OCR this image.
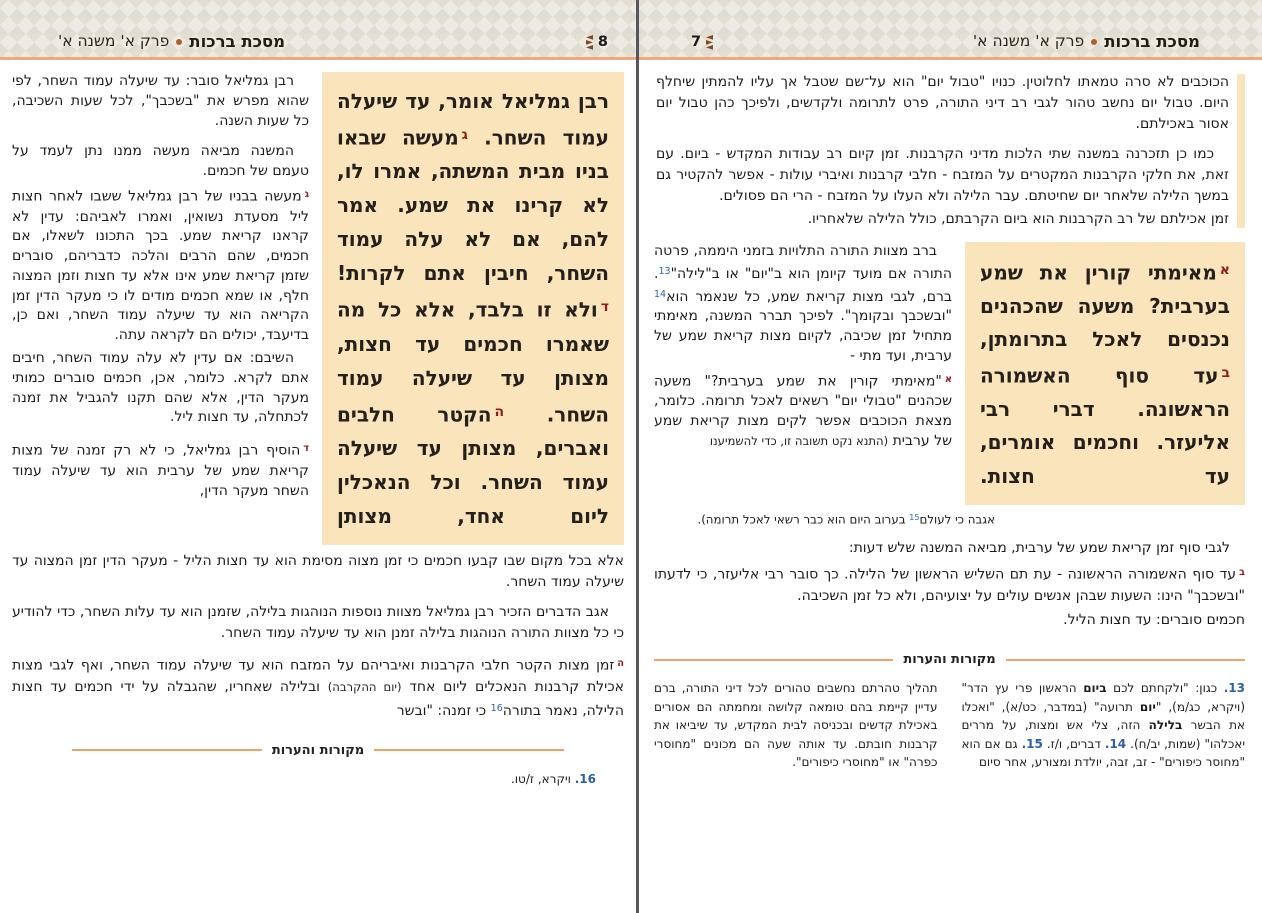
8
מסכת ברכות
פרק א' משנה א'
רבן גמליאל אומר, עד שיעלה עמוד השחר. $^ג$מעשה שבאו בניו מבית המשתה, אמרו לו, לא קרינו את שמע. אמר להם, אם לא עלה עמוד השחר, חיבין אתם לקרות! $^ד$ולא זו בלבד, אלא כל מה שאמרו חכמים עד חצות, מצותן עד שיעלה עמוד השחר. $^ה$הקטר חלבים ואברים, מצותן עד שיעלה עמוד השחר. וכל הנאכלין ליום אחד, מצותן

רבן גמליאל סובר: עד שיעלה עמוד השחר, לפי שהוא מפרש את "בשכבך", לכל שעות השכיבה, כל שעות השנה.

המשנה מביאה מעשה ממנו נתן לעמד על טעמם של חכמים.

$^ג$מעשה בבניו של רבן גמליאל ששבו לאחר חצות ליל מסעדת נשואין, ואמרו לאביהם: עדין לא קראנו קריאת שמע. בכך התכונו לשאלו, אם חכמים, שהם הרבים והלכה כדבריהם, סוברים שזמן קריאת שמע אינו אלא עד חצות וזמן המצוה חלף, או שמא חכמים מודים לו כי מעקר הדין זמן הקריאה הוא עד שיעלה עמוד השחר, ואם כן, בדיעבד, יכולים הם לקראה עתה.

השיבם: אם עדין לא עלה עמוד השחר, חיבים אתם לקרא. כלומר, אכן, חכמים סוברים כמותי מעקר הדין, אלא שהם תקנו להגביל את זמנה לכתחלה, עד חצות ליל.

$^ד$הוסיף רבן גמליאל, כי לא רק זמנה של מצות קריאת שמע של ערבית הוא עד שיעלה עמוד השחר מעקר הדין,

אלא בכל מקום שבו קבעו חכמים כי זמן מצוה מסימת הוא עד חצות הליל - מעקר הדין זמן המצוה עד שיעלה עמוד השחר.

אגב הדברים הזכיר רבן גמליאל מצוות נוספות הנוהגות בלילה, שזמנן הוא עד עלות השחר, כדי להודיע כי כל מצוות התורה הנוהגות בלילה זמנן הוא עד שיעלה עמוד השחר.

$^ה$זמן מצות הקטר חלבי הקרבנות ואיבריהם על המזבח הוא עד שיעלה עמוד השחר, ואף לגבי מצות אכילת קרבנות הנאכלים ליום אחד (יום ההקרבה) ובלילה שאחריו, שהגבלה על ידי חכמים עד חצות הלילה, נאמר בתורה$^{16}$ כי זמנה: "ובשר

מקורות והערות

16. ויקרא, ז/טו.

מסכת ברכות
פרק א' משנה א'
7

הכוכבים לא סרה טמאתו לחלוטין. כנויו "טבול יום" הוא על־שם שטבל אך עליו להמתין שיחלף היום. טבול יום נחשב טהור לגבי רב דיני התורה, פרט לתרומה ולקדשים, ולפיכך כהן טבול יום אסור באכילתם.

כמו כן תזכרנה במשנה שתי הלכות מדיני הקרבנות. זמן קיום רב עבודות המקדש - ביום. עם זאת, את חלקי הקרבנות המקטרים על המזבח - חלבי קרבנות ואיברי עולות - אפשר להקטיר גם במשך הלילה שלאחר יום שחיטתם. עבר הלילה ולא העלו על המזבח - הרי הם פסולים.

זמן אכילתם של רב הקרבנות הוא ביום הקרבתם, כולל הלילה שלאחריו.

$^א$מאימתי קורין את שמע בערבית? משעה שהכהנים נכנסים לאכל בתרומתן, $^ב$עד סוף האשמורה הראשונה. דברי רבי אליעזר. וחכמים אומרים, עד חצות.

ברב מצוות התורה התלויות בזמני היממה, פרטה התורה אם מועד קיומן הוא ב"יום" או ב"לילה"$^{13}$. ברם, לגבי מצות קריאת שמע, כל שנאמר הוא$^{14}$ "ובשכבך ובקומך". לפיכך תברר המשנה, מאימתי מתחיל זמן שכיבה, לקיום מצות קריאת שמע של ערבית, ועד מתי -

$^א$"מאימתי קורין את שמע בערבית?" משעה שכהנים "טבולי יום" רשאים לאכל תרומה. כלומר, מצאת הכוכבים אפשר לקים מצות קריאת שמע של ערבית (התנא נקט תשובה זו, כדי להשמיענו

אגבה כי לעולם$^{15}$ בערוב היום הוא כבר רשאי לאכל תרומה).

לגבי סוף זמן קריאת שמע של ערבית, מביאה המשנה שלש דעות:

$^ב$עד סוף האשמורה הראשונה - עת תם השליש הראשון של הלילה. כך סובר רבי אליעזר, כי לדעתו "ובשכבך" הינו: השעות שבהן אנשים עולים על יצועיהם, ולא כל זמן השכיבה.

חכמים סוברים: עד חצות הליל.

מקורות והערות
13. כגון: "ולקחתם לכם ביום הראשון פרי עץ הדר" (ויקרא, כג/מ), "יום תרועה" (במדבר, כט/א), "ואכלו את הבשר בלילה הזה, צלי אש ומצות, על מררים יאכלהו" (שמות, יב/ח). 14. דברים, ו/ז. 15. גם אם הוא "מחוסר כיפורים" - זב, זבה, יולדת ומצורע, אחר סיום
תהליך טהרתם נחשבים טהורים לכל דיני התורה, ברם עדיין קיימת בהם טומאה קלושה ומחמתה הם אסורים באכילת קדשים ובכניסה לבית המקדש, עד שיביאו את קרבנות חובתם. עד אותה שעה הם מכונים "מחוסרי כפרה" או "מחוסרי כיפורים".
